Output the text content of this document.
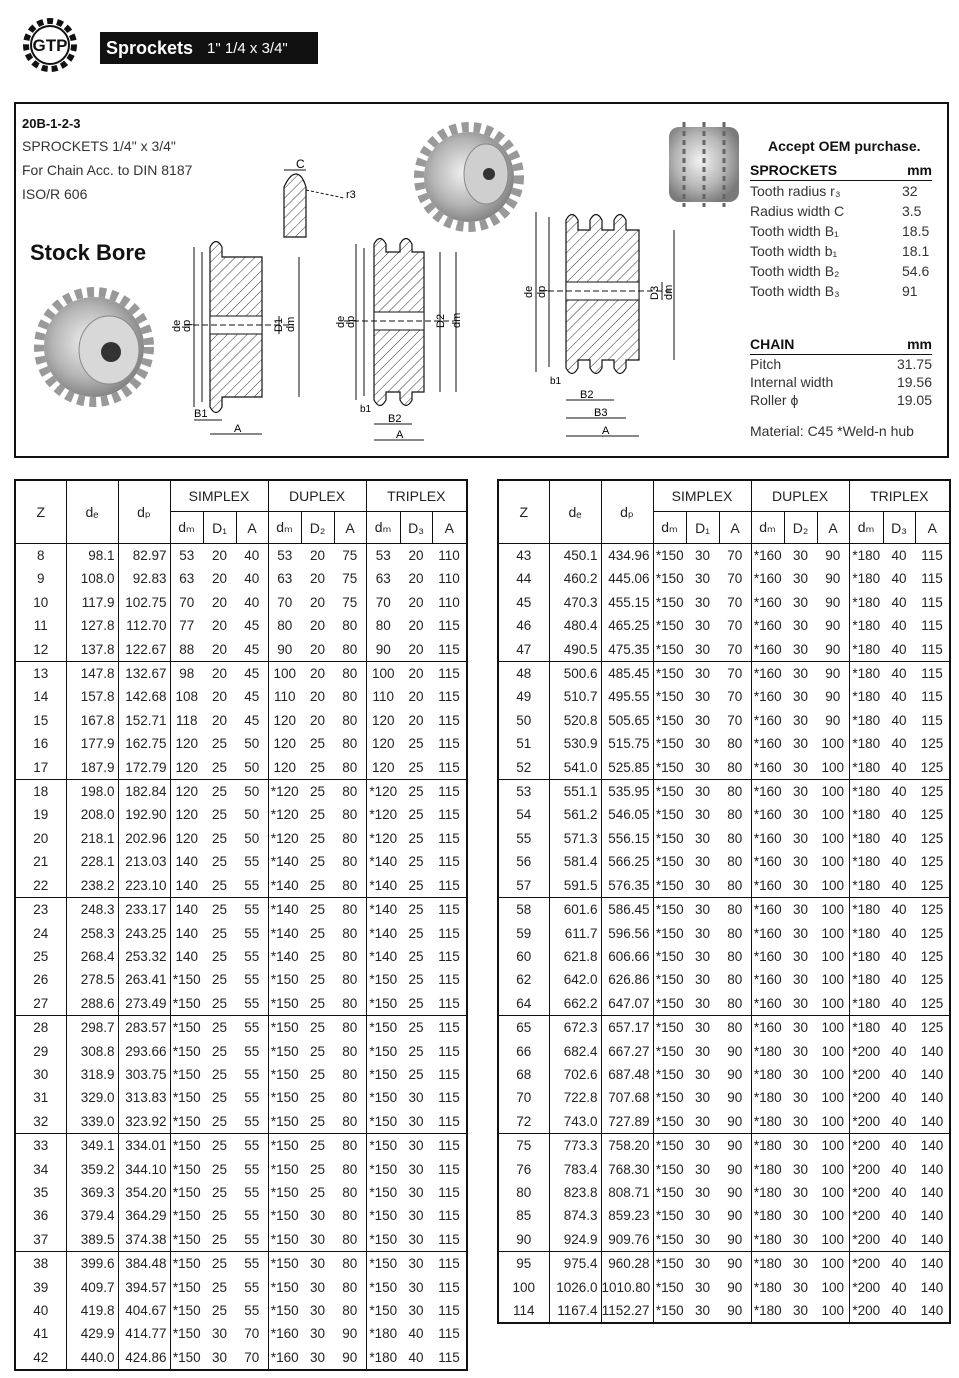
GTP Sprockets 1" 1/4 x 3/4"
20B-1-2-3
SPROCKETS 1/4" x 3/4"
For Chain Acc. to DIN 8187
ISO/R 606
Stock Bore
C
r3
de
dp	D1 dm
B1
A
de
dp	D2 dm
b1
B2
A
de dp	D3 dm
b1
B2
B3
A
Accept OEM purchase.
SPROCKETS	mm
Tooth radius r₃	32
Radius width C	3.5
Tooth width B₁	18.5
Tooth width b₁	18.1
Tooth width B₂	54.6
Tooth width B₃	91
CHAIN	mm
Pitch	31.75
Internal width	19.56
Roller ϕ	19.05
Material: C45 *Weld-n hub
Z	dₑ	dₚ	SIMPLEX			DUPLEX			TRIPLEX		
			dₘ	D₁	A	dₘ	D₂	A	dₘ	D₃	A
8	98.1	82.97	53	20	40	53	20	75	53	20	110
9	108.0	92.83	63	20	40	63	20	75	63	20	110
10	117.9	102.75	70	20	40	70	20	75	70	20	110
11	127.8	112.70	77	20	45	80	20	80	80	20	115
12	137.8	122.67	88	20	45	90	20	80	90	20	115
13	147.8	132.67	98	20	45	100	20	80	100	20	115
14	157.8	142.68	108	20	45	110	20	80	110	20	115
15	167.8	152.71	118	20	45	120	20	80	120	20	115
16	177.9	162.75	120	25	50	120	25	80	120	25	115
17	187.9	172.79	120	25	50	120	25	80	120	25	115
18	198.0	182.84	120	25	50	*120	25	80	*120	25	115
19	208.0	192.90	120	25	50	*120	25	80	*120	25	115
20	218.1	202.96	120	25	50	*120	25	80	*120	25	115
21	228.1	213.03	140	25	55	*140	25	80	*140	25	115
22	238.2	223.10	140	25	55	*140	25	80	*140	25	115
23	248.3	233.17	140	25	55	*140	25	80	*140	25	115
24	258.3	243.25	140	25	55	*140	25	80	*140	25	115
25	268.4	253.32	140	25	55	*140	25	80	*140	25	115
26	278.5	263.41	*150	25	55	*150	25	80	*150	25	115
27	288.6	273.49	*150	25	55	*150	25	80	*150	25	115
28	298.7	283.57	*150	25	55	*150	25	80	*150	25	115
29	308.8	293.66	*150	25	55	*150	25	80	*150	25	115
30	318.9	303.75	*150	25	55	*150	25	80	*150	25	115
31	329.0	313.83	*150	25	55	*150	25	80	*150	30	115
32	339.0	323.92	*150	25	55	*150	25	80	*150	30	115
33	349.1	334.01	*150	25	55	*150	25	80	*150	30	115
34	359.2	344.10	*150	25	55	*150	25	80	*150	30	115
35	369.3	354.20	*150	25	55	*150	25	80	*150	30	115
36	379.4	364.29	*150	25	55	*150	30	80	*150	30	115
37	389.5	374.38	*150	25	55	*150	30	80	*150	30	115
38	399.6	384.48	*150	25	55	*150	30	80	*150	30	115
39	409.7	394.57	*150	25	55	*150	30	80	*150	30	115
40	419.8	404.67	*150	25	55	*150	30	80	*150	30	115
41	429.9	414.77	*150	30	70	*160	30	90	*180	40	115
42	440.0	424.86	*150	30	70	*160	30	90	*180	40	115
Z	dₑ	dₚ	SIMPLEX			DUPLEX			TRIPLEX		
			dₘ	D₁	A	dₘ	D₂	A	dₘ	D₃	A
43	450.1	434.96	*150	30	70	*160	30	90	*180	40	115
44	460.2	445.06	*150	30	70	*160	30	90	*180	40	115
45	470.3	455.15	*150	30	70	*160	30	90	*180	40	115
46	480.4	465.25	*150	30	70	*160	30	90	*180	40	115
47	490.5	475.35	*150	30	70	*160	30	90	*180	40	115
48	500.6	485.45	*150	30	70	*160	30	90	*180	40	115
49	510.7	495.55	*150	30	70	*160	30	90	*180	40	115
50	520.8	505.65	*150	30	70	*160	30	90	*180	40	115
51	530.9	515.75	*150	30	80	*160	30	100	*180	40	125
52	541.0	525.85	*150	30	80	*160	30	100	*180	40	125
53	551.1	535.95	*150	30	80	*160	30	100	*180	40	125
54	561.2	546.05	*150	30	80	*160	30	100	*180	40	125
55	571.3	556.15	*150	30	80	*160	30	100	*180	40	125
56	581.4	566.25	*150	30	80	*160	30	100	*180	40	125
57	591.5	576.35	*150	30	80	*160	30	100	*180	40	125
58	601.6	586.45	*150	30	80	*160	30	100	*180	40	125
59	611.7	596.56	*150	30	80	*160	30	100	*180	40	125
60	621.8	606.66	*150	30	80	*160	30	100	*180	40	125
62	642.0	626.86	*150	30	80	*160	30	100	*180	40	125
64	662.2	647.07	*150	30	80	*160	30	100	*180	40	125
65	672.3	657.17	*150	30	80	*160	30	100	*180	40	125
66	682.4	667.27	*150	30	90	*180	30	100	*200	40	140
68	702.6	687.48	*150	30	90	*180	30	100	*200	40	140
70	722.8	707.68	*150	30	90	*180	30	100	*200	40	140
72	743.0	727.89	*150	30	90	*180	30	100	*200	40	140
75	773.3	758.20	*150	30	90	*180	30	100	*200	40	140
76	783.4	768.30	*150	30	90	*180	30	100	*200	40	140
80	823.8	808.71	*150	30	90	*180	30	100	*200	40	140
85	874.3	859.23	*150	30	90	*180	30	100	*200	40	140
90	924.9	909.76	*150	30	90	*180	30	100	*200	40	140
95	975.4	960.28	*150	30	90	*180	30	100	*200	40	140
100	1026.0	1010.80	*150	30	90	*180	30	100	*200	40	140
114	1167.4	1152.27	*150	30	90	*180	30	100	*200	40	140
